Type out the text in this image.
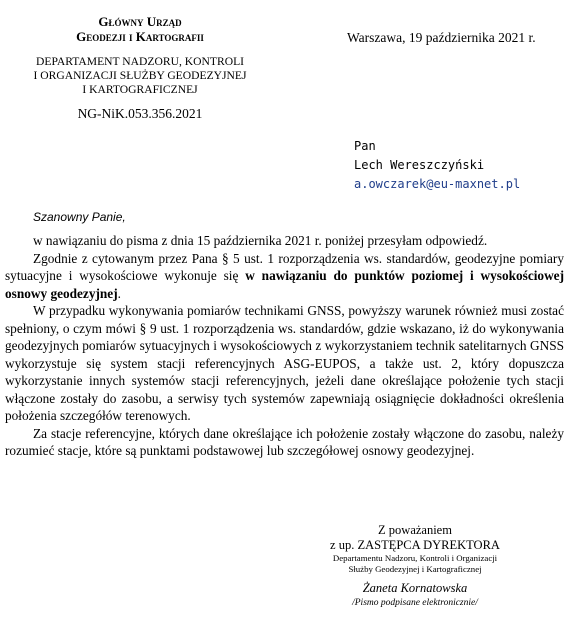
Główny Urząd
Geodezji i Kartografii
DEPARTAMENT NADZORU, KONTROLI
I ORGANIZACJI SŁUŻBY GEODEZYJNEJ
I KARTOGRAFICZNEJ
NG-NiK.053.356.2021
Warszawa, 19 października 2021 r.
Pan
Lech Wereszczyński
a.owczarek@eu-maxnet.pl
Szanowny Panie,

w nawiązaniu do pisma z dnia 15 października 2021 r. poniżej przesyłam odpowiedź.

Zgodnie z cytowanym przez Pana § 5 ust. 1 rozporządzenia ws. standardów, geodezyjne pomiary sytuacyjne i wysokościowe wykonuje się w nawiązaniu do punktów poziomej i wysokościowej osnowy geodezyjnej.

W przypadku wykonywania pomiarów technikami GNSS, powyższy warunek również musi zostać spełniony, o czym mówi § 9 ust. 1 rozporządzenia ws. standardów, gdzie wskazano, iż do wykonywania geodezyjnych pomiarów sytuacyjnych i wysokościowych z wykorzystaniem technik satelitarnych GNSS wykorzystuje się system stacji referencyjnych ASG-EUPOS, a także ust. 2, który dopuszcza wykorzystanie innych systemów stacji referencyjnych, jeżeli dane określające położenie tych stacji włączone zostały do zasobu, a serwisy tych systemów zapewniają osiągnięcie dokładności określenia położenia szczegółów terenowych.

Za stacje referencyjne, których dane określające ich położenie zostały włączone do zasobu, należy rozumieć stacje, które są punktami podstawowej lub szczegółowej osnowy geodezyjnej.

Z poważaniem
z up. ZASTĘPCA DYREKTORA
Departamentu Nadzoru, Kontroli i Organizacji
Służby Geodezyjnej i Kartograficznej
Żaneta Kornatowska
/Pismo podpisane elektronicznie/
